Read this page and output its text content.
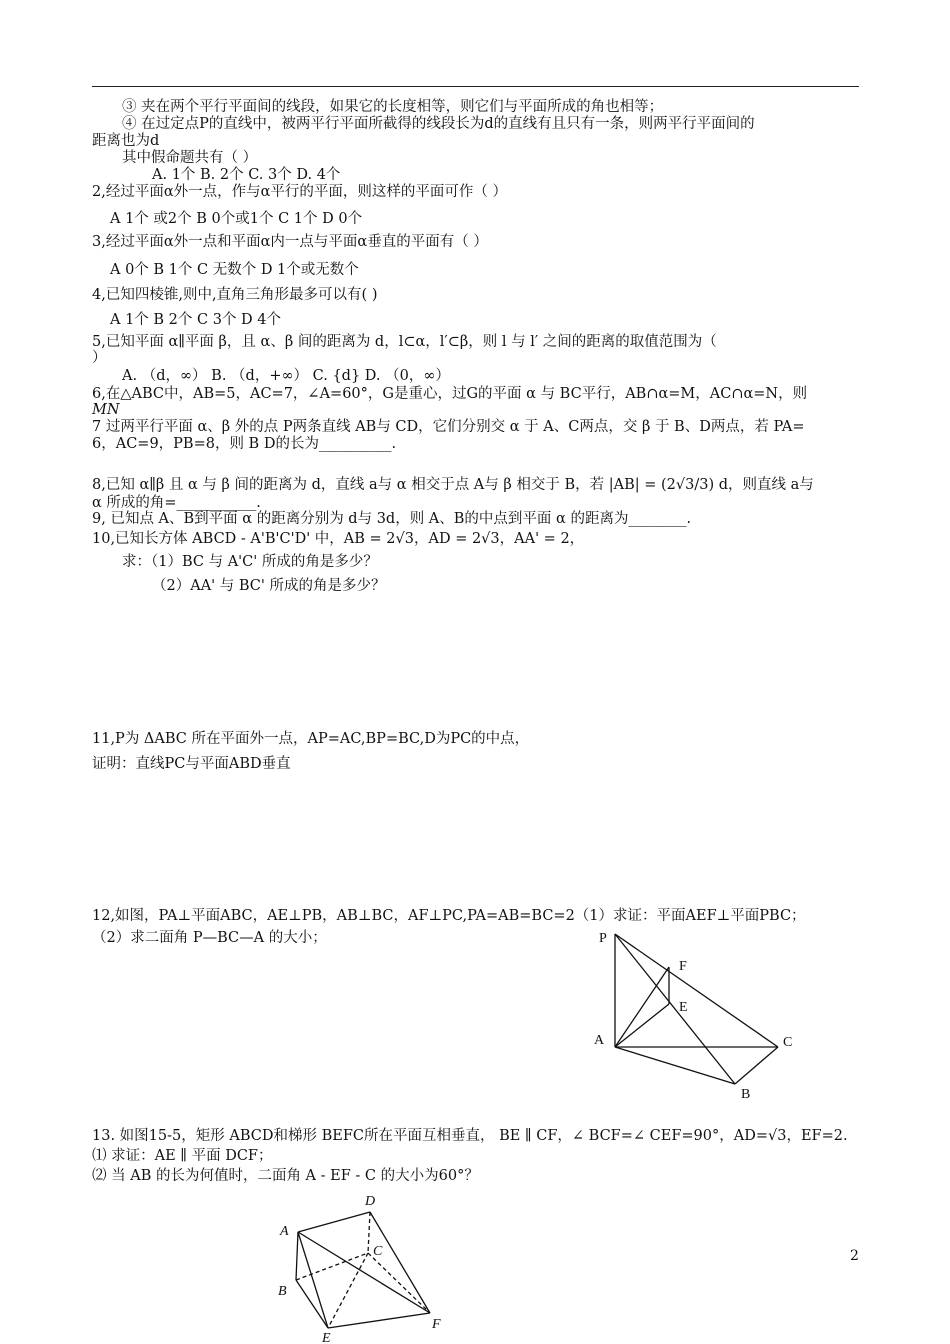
③ 夹在两个平行平面间的线段，如果它的长度相等，则它们与平面所成的角也相等；
④ 在过定点P的直线中，被两平行平面所截得的线段长为d的直线有且只有一条，则两平行平面间的
距离也为d
其中假命题共有（ ）
A. 1个 B. 2个 C. 3个 D. 4个
2,经过平面α外一点，作与α平行的平面，则这样的平面可作（ ）
A 1个 或2个 B 0个或1个 C 1个 D 0个
3,经过平面α外一点和平面α内一点与平面α垂直的平面有（ ）
A 0个 B 1个 C 无数个 D 1个或无数个
4,已知四棱锥,则中,直角三角形最多可以有( )
A 1个 B 2个 C 3个 D 4个
5,已知平面 α∥平面 β，且 α、β 间的距离为 d，l⊂α，l′⊂β，则 l 与 l′ 之间的距离的取值范围为（
）
A. （d，∞） B. （d，+∞） C. {d} D. （0，∞）
6,在△ABC中，AB=5，AC=7，∠A=60°，G是重心，过G的平面 α 与 BC平行，AB∩α=M，AC∩α=N，则
MN
7 过两平行平面 α、β 外的点 P两条直线 AB与 CD，它们分别交 α 于 A、C两点，交 β 于 B、D两点，若 PA=
6，AC=9，PB=8，则 B D的长为__________.
8,已知 α∥β 且 α 与 β 间的距离为 d，直线 a与 α 相交于点 A与 β 相交于 B，若 |AB| = (2√3/3) d，则直线 a与
α 所成的角=___________.
9, 已知点 A、B到平面 α 的距离分别为 d与 3d，则 A、B的中点到平面 α 的距离为________.
10,已知长方体 ABCD - A'B'C'D' 中，AB = 2√3，AD = 2√3，AA' = 2，
求：（1）BC 与 A'C' 所成的角是多少？
（2）AA' 与 BC' 所成的角是多少？
11,P为 ΔABC 所在平面外一点，AP=AC,BP=BC,D为PC的中点，
证明：直线PC与平面ABD垂直
12,如图，PA⊥平面ABC，AE⊥PB，AB⊥BC，AF⊥PC,PA=AB=BC=2（1）求证：平面AEF⊥平面PBC；
（2）求二面角 P—BC—A 的大小；
13. 如图15-5，矩形 ABCD和梯形 BEFC所在平面互相垂直， BE ∥ CF，∠ BCF=∠ CEF=90°，AD=√3，EF=2.
⑴ 求证：AE ∥ 平面 DCF；
⑵ 当 AB 的长为何值时，二面角 A - EF - C 的大小为60°？
P
F
E
A	C
B
D
A
C
B
E
F
2
